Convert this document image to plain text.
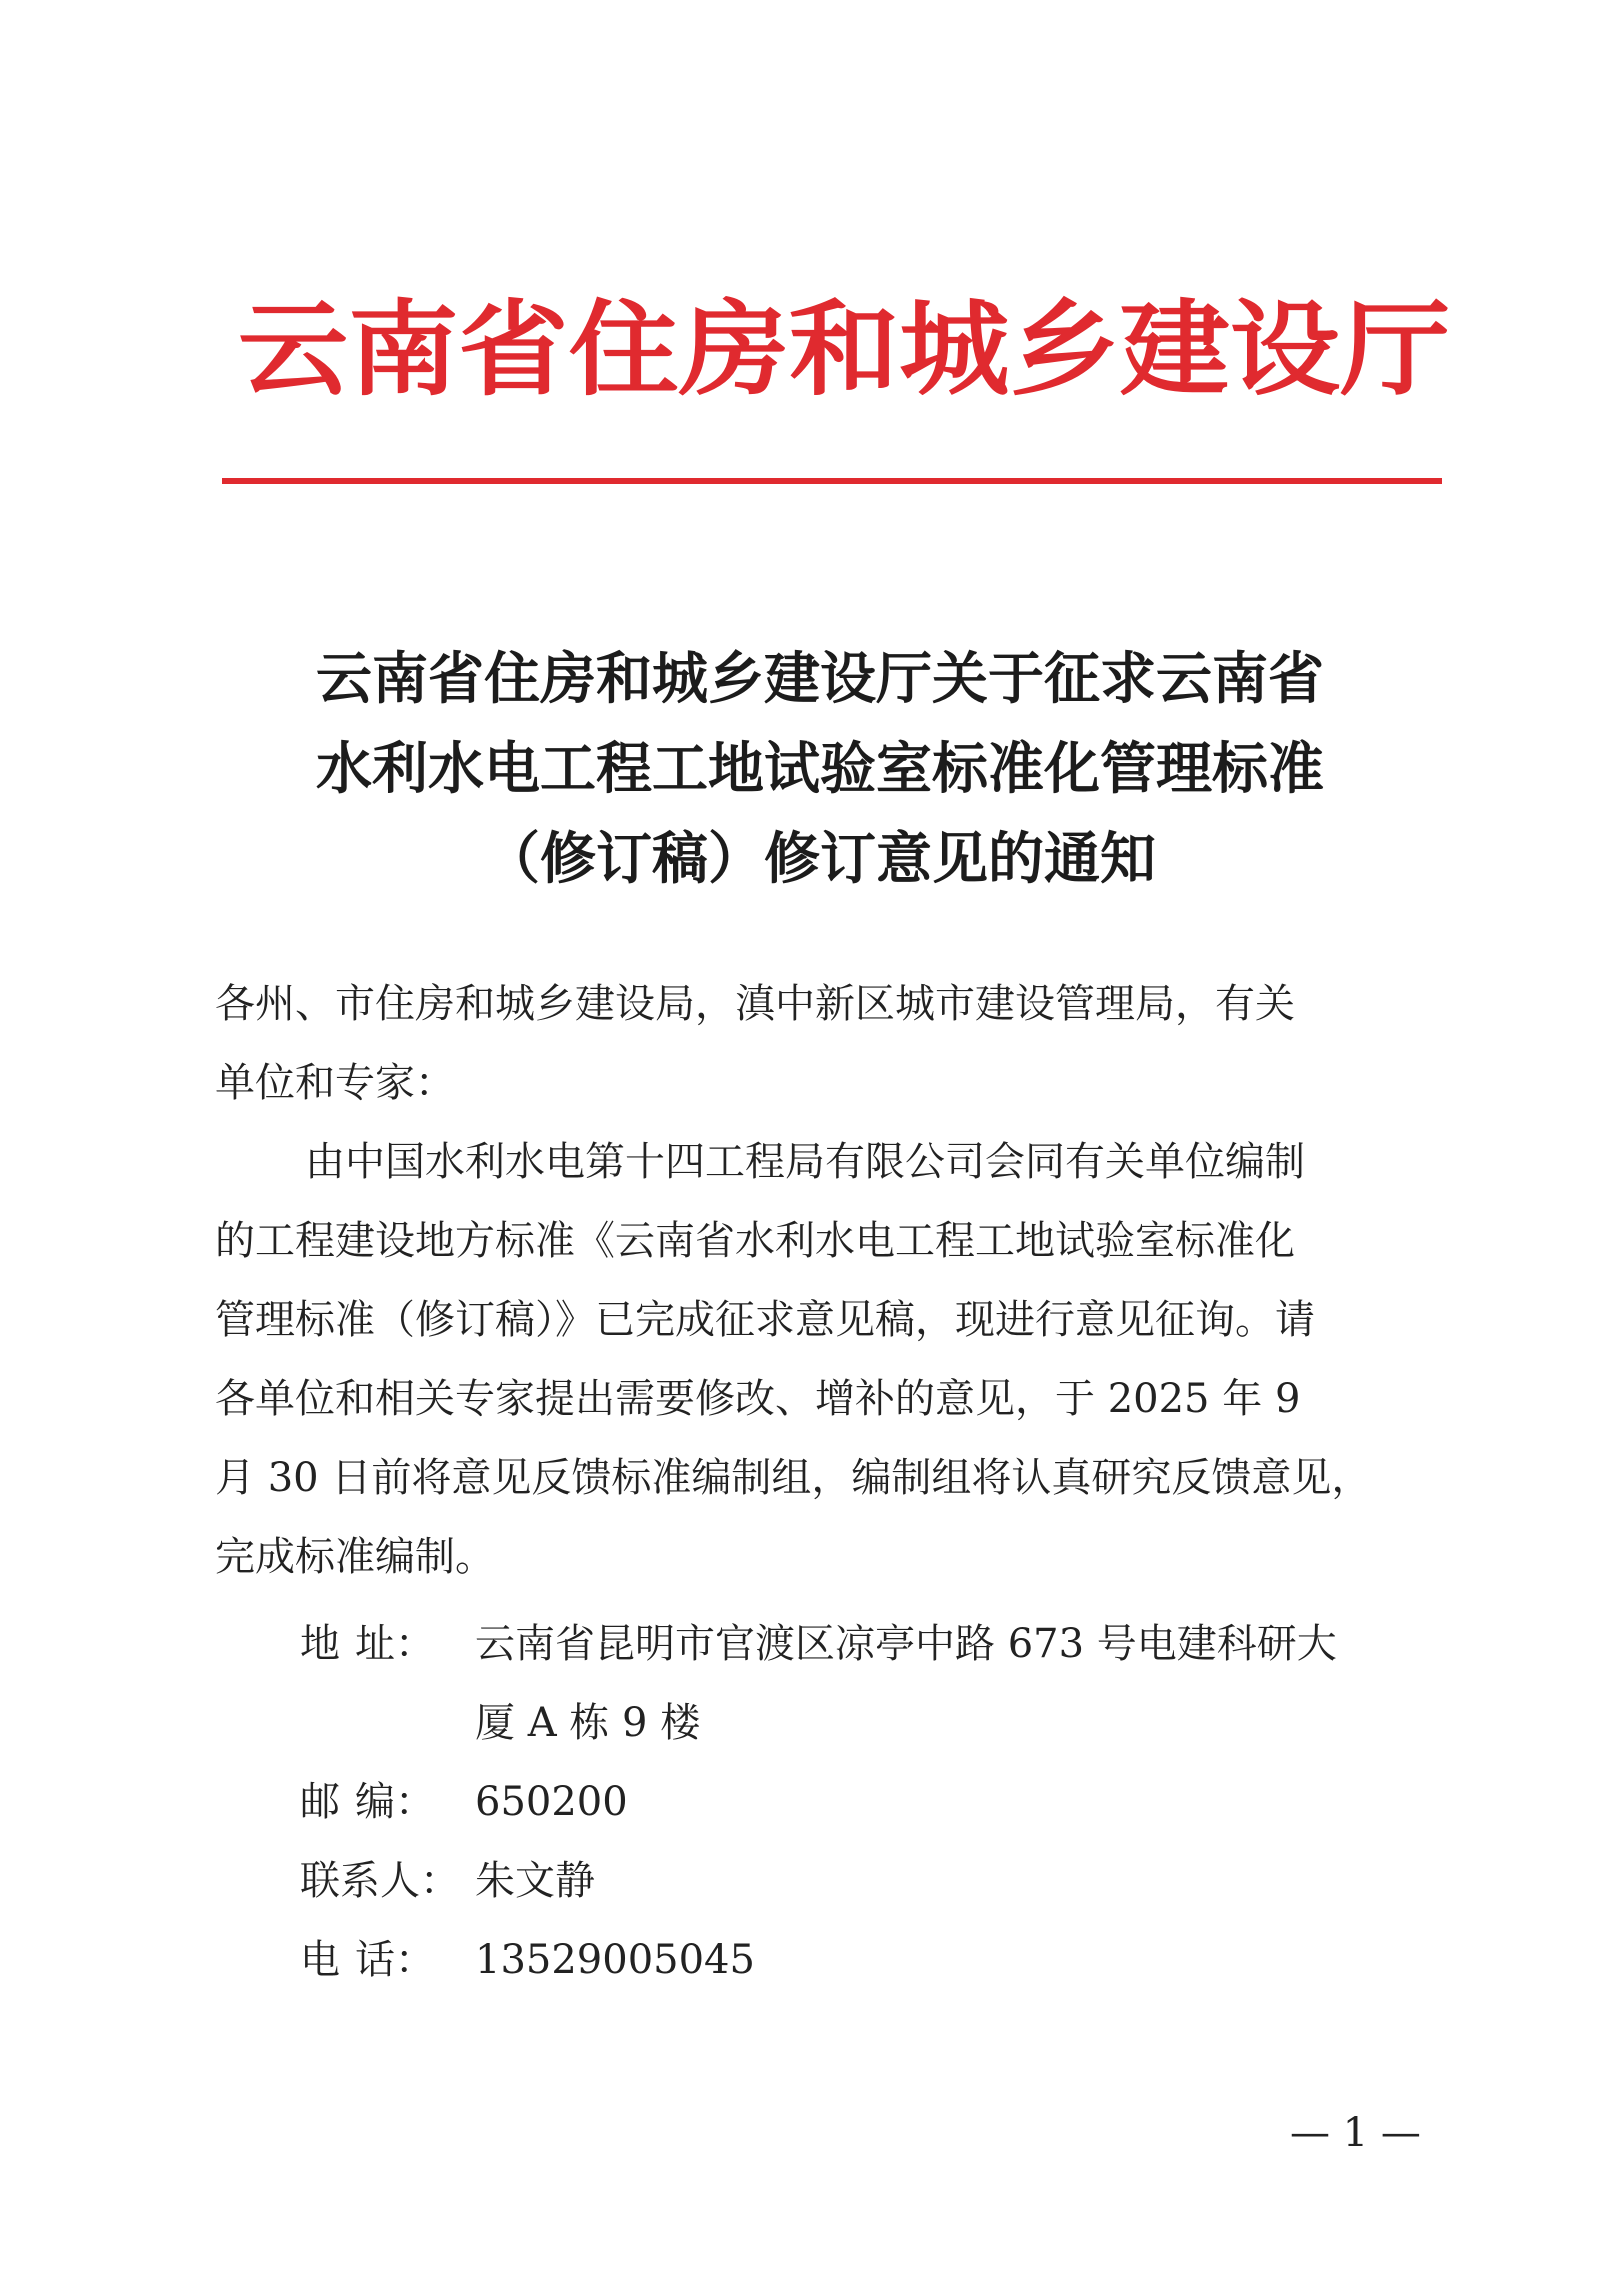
云南省住房和城乡建设厅
云南省住房和城乡建设厅关于征求云南省
水利水电工程工地试验室标准化管理标准
（修订稿）修订意见的通知
各州、市住房和城乡建设局，滇中新区城市建设管理局，有关
单位和专家：
由中国水利水电第十四工程局有限公司会同有关单位编制
的工程建设地方标准《云南省水利水电工程工地试验室标准化
管理标准（修订稿）》已完成征求意见稿，现进行意见征询。请
各单位和相关专家提出需要修改、增补的意见，于 2025 年 9
月 30 日前将意见反馈标准编制组，编制组将认真研究反馈意见，
完成标准编制。
地 址： 云南省昆明市官渡区凉亭中路 673 号电建科研大
厦 A 栋 9 楼
邮 编： 650200
联系人： 朱文静
电 话： 13529005045
— 1 —
